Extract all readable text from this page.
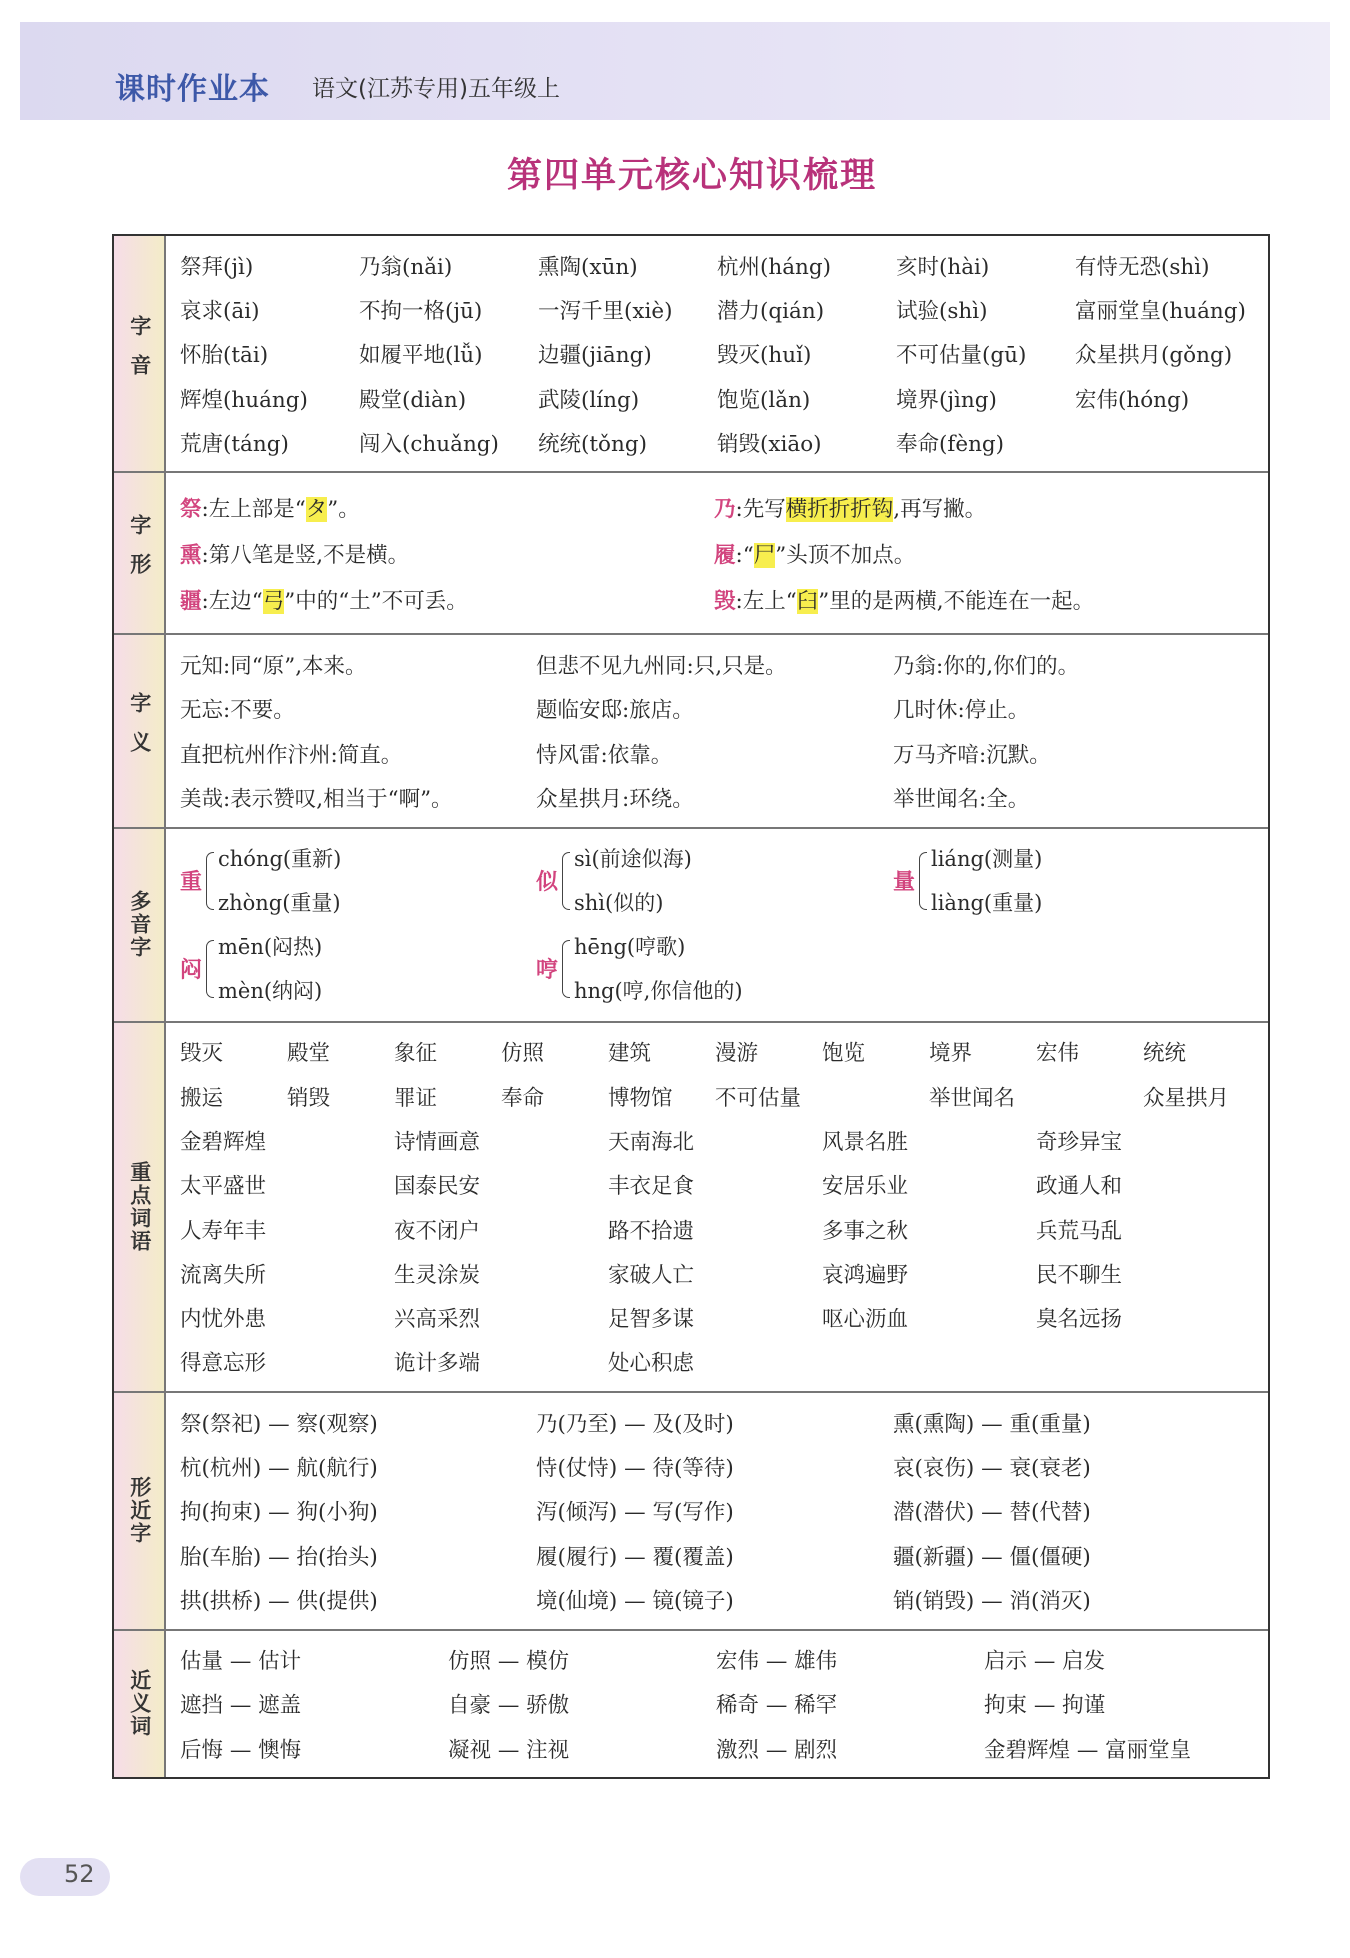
课时作业本 语文(江苏专用)五年级上
第四单元核心知识梳理
字音
祭拜(jì)	乃翁(nǎi)	熏陶(xūn)	杭州(háng)	亥时(hài)	有恃无恐(shì)
哀求(āi)	不拘一格(jū)	一泻千里(xiè)	潜力(qián)	试验(shì)	富丽堂皇(huáng)
怀胎(tāi)	如履平地(lǚ)	边疆(jiāng)	毁灭(huǐ)	不可估量(gū)	众星拱月(gǒng)
辉煌(huáng)	殿堂(diàn)	武陵(líng)	饱览(lǎn)	境界(jìng)	宏伟(hóng)
荒唐(táng)	闯入(chuǎng)	统统(tǒng)	销毁(xiāo)	奉命(fèng)
字形
祭:左上部是“タ”。	乃:先写横折折折钩,再写撇。
熏:第八笔是竖,不是横。	履:“尸”头顶不加点。
疆:左边“弓”中的“土”不可丢。	毁:左上“臼”里的是两横,不能连在一起。
字义
元知:同“原”,本来。	但悲不见九州同:只,只是。	乃翁:你的,你们的。
无忘:不要。	题临安邸:旅店。	几时休:停止。
直把杭州作汴州:简直。	恃风雷:依靠。	万马齐喑:沉默。
美哉:表示赞叹,相当于“啊”。	众星拱月:环绕。	举世闻名:全。
多音字
重
chóng(重新)
zhòng(重量)
似
sì(前途似海)
shì(似的)
量
liáng(测量)
liàng(重量)
闷
mēn(闷热)
mèn(纳闷)
哼
hēng(哼歌)
hng(哼,你信他的)
重点词语
毁灭	殿堂	象征	仿照	建筑	漫游	饱览	境界	宏伟	统统
搬运	销毁	罪证	奉命	博物馆	不可估量	举世闻名	众星拱月
金碧辉煌	诗情画意	天南海北	风景名胜	奇珍异宝
太平盛世	国泰民安	丰衣足食	安居乐业	政通人和
人寿年丰	夜不闭户	路不拾遗	多事之秋	兵荒马乱
流离失所	生灵涂炭	家破人亡	哀鸿遍野	民不聊生
内忧外患	兴高采烈	足智多谋	呕心沥血	臭名远扬
得意忘形	诡计多端	处心积虑
形近字
祭(祭祀) — 察(观察)	乃(乃至) — 及(及时)	熏(熏陶) — 重(重量)
杭(杭州) — 航(航行)	恃(仗恃) — 待(等待)	哀(哀伤) — 衰(衰老)
拘(拘束) — 狗(小狗)	泻(倾泻) — 写(写作)	潜(潜伏) — 替(代替)
胎(车胎) — 抬(抬头)	履(履行) — 覆(覆盖)	疆(新疆) — 僵(僵硬)
拱(拱桥) — 供(提供)	境(仙境) — 镜(镜子)	销(销毁) — 消(消灭)
近义词
估量 — 估计	仿照 — 模仿	宏伟 — 雄伟	启示 — 启发
遮挡 — 遮盖	自豪 — 骄傲	稀奇 — 稀罕	拘束 — 拘谨
后悔 — 懊悔	凝视 — 注视	激烈 — 剧烈	金碧辉煌 — 富丽堂皇
52
